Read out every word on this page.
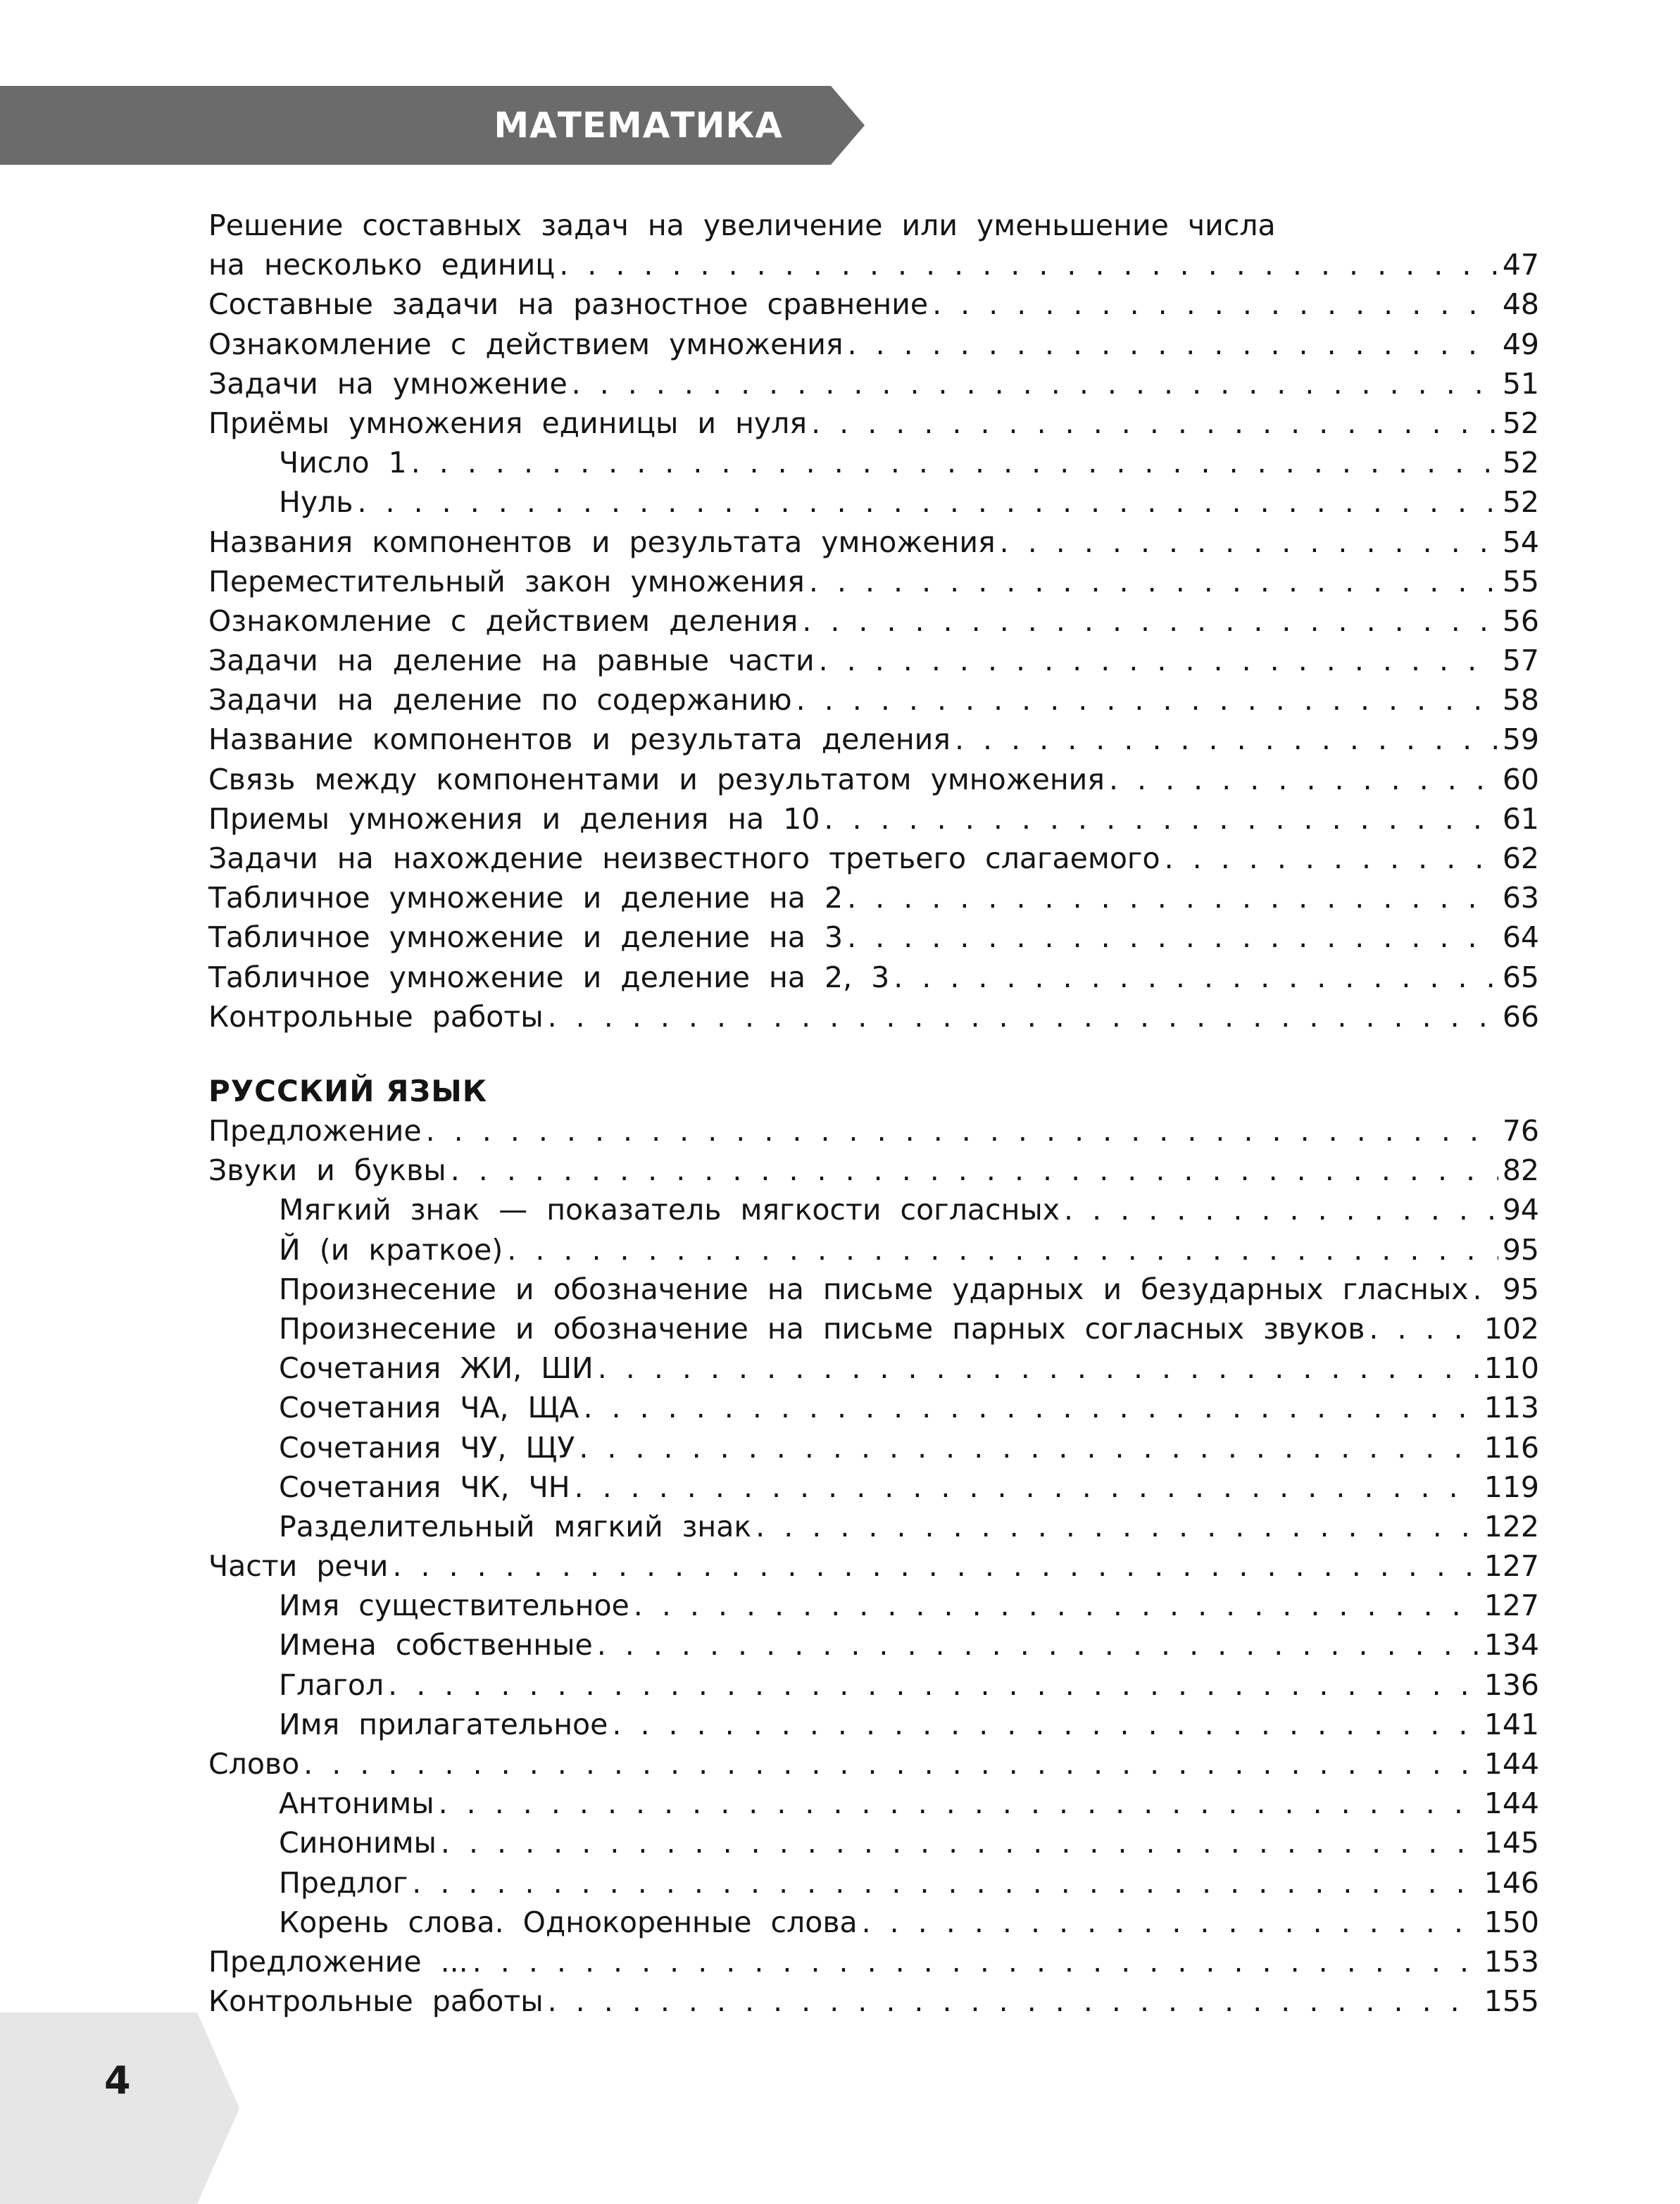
МАТЕМАТИКА
Решение составных задач на увеличение или уменьшение числа
на несколько единиц . . .	47
Составные задачи на разностное сравнение . . .	48
Ознакомление с действием умножения . . .	49
Задачи на умножение . . .	51
Приёмы умножения единицы и нуля . . .	52
Число 1 . . .	52
Нуль . . .	52
Названия компонентов и результата умножения . . .	54
Переместительный закон умножения . . .	55
Ознакомление с действием деления . . .	56
Задачи на деление на равные части . . .	57
Задачи на деление по содержанию . . .	58
Название компонентов и результата деления . . .	59
Связь между компонентами и результатом умножения . . .	60
Приемы умножения и деления на 10 . . .	61
Задачи на нахождение неизвестного третьего слагаемого . . .	62
Табличное умножение и деление на 2 . . .	63
Табличное умножение и деление на 3 . . .	64
Табличное умножение и деление на 2, 3 . . .	65
Контрольные работы . . .	66
РУССКИЙ ЯЗЫК
Предложение . . .	76
Звуки и буквы . . .	82
Мягкий знак — показатель мягкости согласных . . .	94
Й (и краткое) . . .	95
Произнесение и обозначение на письме ударных и безударных гласных . . . 95
Произнесение и обозначение на письме парных согласных звуков . . .	102
Сочетания ЖИ, ШИ . . .	110
Сочетания ЧА, ЩА . . .	113
Сочетания ЧУ, ЩУ . . .	116
Сочетания ЧК, ЧН . . .	119
Разделительный мягкий знак . . .	122
Части речи . . .	127
Имя существительное . . .	127
Имена собственные . . .	134
Глагол . . .	136
Имя прилагательное . . .	141
Слово . . .	144
Антонимы . . .	144
Синонимы . . .	145
Предлог . . .	146
Корень слова. Однокоренные слова . . .	150
Предложение ... . . .	153
Контрольные работы . . .	155
4
